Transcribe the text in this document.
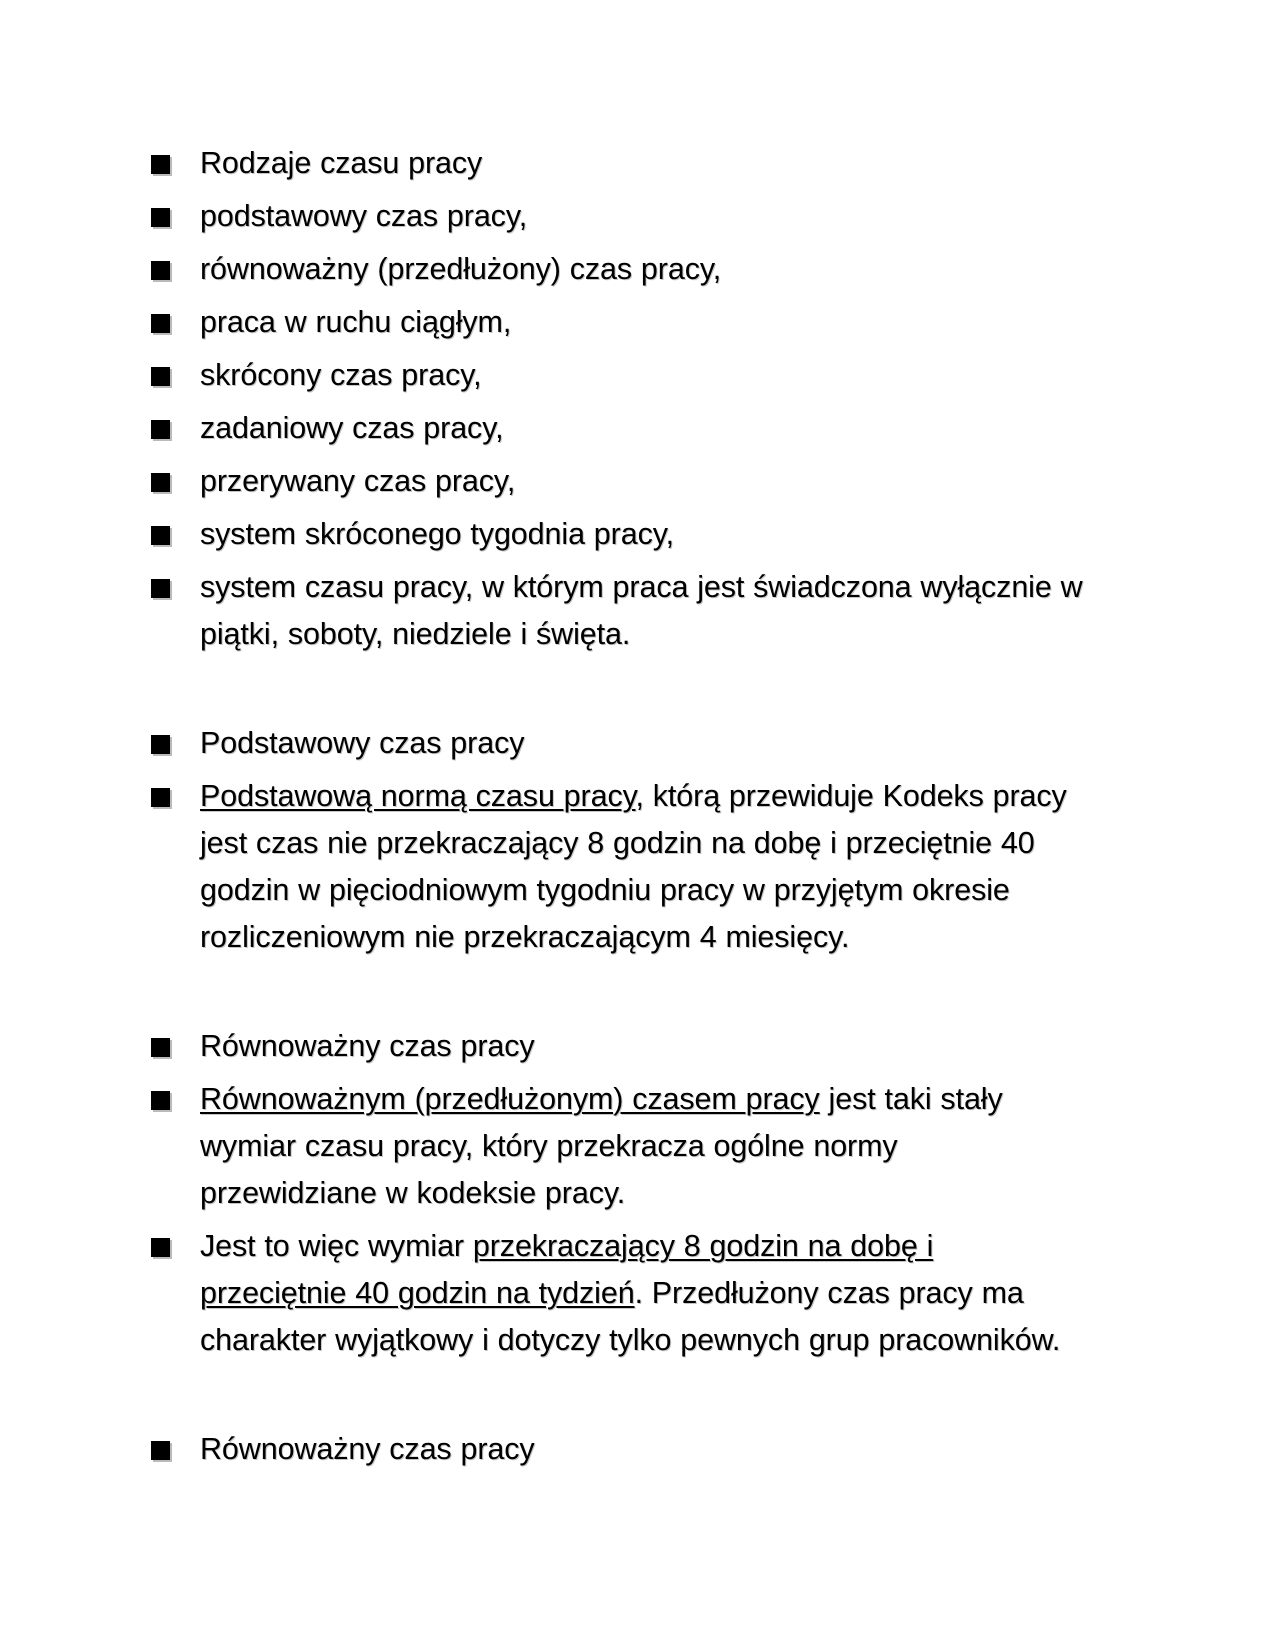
Rodzaje czasu pracy
podstawowy czas pracy,
równoważny (przedłużony) czas pracy,
praca w ruchu ciągłym,
skrócony czas pracy,
zadaniowy czas pracy,
przerywany czas pracy,
system skróconego tygodnia pracy,
system czasu pracy, w którym praca jest świadczona wyłącznie w piątki, soboty, niedziele i święta.
Podstawowy czas pracy
Podstawową normą czasu pracy, którą przewiduje Kodeks pracy jest czas nie przekraczający 8 godzin na dobę i przeciętnie 40 godzin w pięciodniowym tygodniu pracy w przyjętym okresie rozliczeniowym nie przekraczającym 4 miesięcy.
Równoważny czas pracy
Równoważnym (przedłużonym) czasem pracy jest taki stały wymiar czasu pracy, który przekracza ogólne normy przewidziane w kodeksie pracy.
Jest to więc wymiar przekraczający 8 godzin na dobę i przeciętnie 40 godzin na tydzień. Przedłużony czas pracy ma charakter wyjątkowy i dotyczy tylko pewnych grup pracowników.
Równoważny czas pracy
